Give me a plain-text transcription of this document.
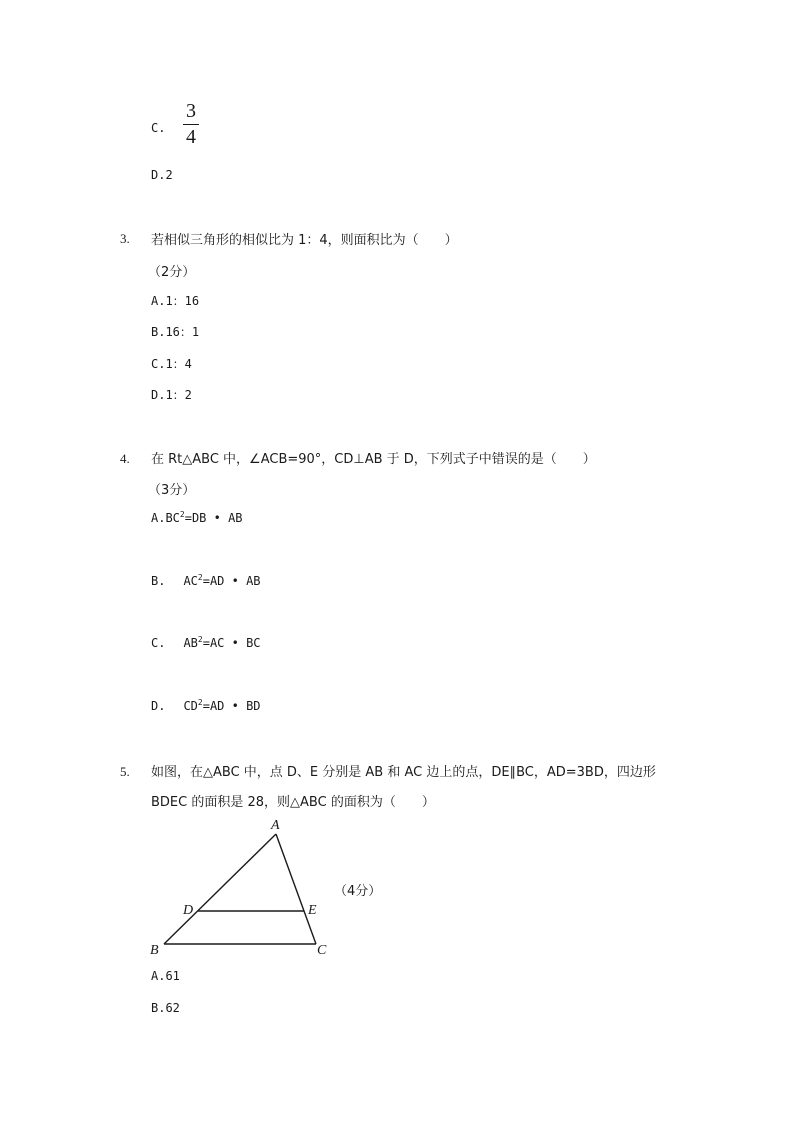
C.
3
4
D.2
3. 若相似三角形的相似比为 1：4，则面积比为（　　）
（2分）
A.1：16
B.16：1
C.1：4
D.1：2
4. 在 Rt△ABC 中，∠ACB=90°，CD⊥AB 于 D，下列式子中错误的是（　　）
（3分）
$A.BC^2=DB$ • AB
B. $AC^2=AD$ • AB
C. $AB^2=AC$ • BC
D. $CD^2=AD$ • BD
5. 如图，在△ABC 中，点 D、E 分别是 AB 和 AC 边上的点，DE∥BC，AD=3BD，四边形
BDEC 的面积是 28，则△ABC 的面积为（　　）
A
D	E
B	C
（4分）
A.61
B.62
